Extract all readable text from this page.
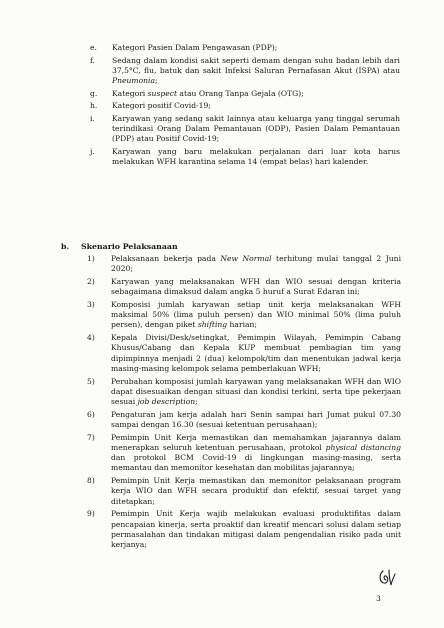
e. Kategori Pasien Dalam Pengawasan (PDP);
f. Sedang dalam kondisi sakit seperti demam dengan suhu badan lebih dari 37,5°C, flu, batuk dan sakit Infeksi Saluran Pernafasan Akut (ISPA) atau Pneumonia;
g. Kategori suspect atau Orang Tanpa Gejala (OTG);
h. Kategori positif Covid-19;
i. Karyawan yang sedang sakit lainnya atau keluarga yang tinggal serumah terindikasi Orang Dalam Pemantauan (ODP), Pasien Dalam Pemantauan (PDP) atau Positif Covid-19;
j. Karyawan yang baru melakukan perjalanan dari luar kota harus melakukan WFH karantina selama 14 (empat belas) hari kalender.
b. Skenario Pelaksanaan
1) Pelaksanaan bekerja pada New Normal terhitung mulai tanggal 2 Juni 2020;
2) Karyawan yang melaksanakan WFH dan WIO sesuai dengan kriteria sebagaimana dimaksud dalam angka 5 huruf a Surat Edaran ini;
3) Komposisi jumlah karyawan setiap unit kerja melaksanakan WFH maksimal 50% (lima puluh persen) dan WIO minimal 50% (lima puluh persen), dengan piket shifting harian;
4) Kepala Divisi/Desk/setingkat, Pemimpin Wilayah, Pemimpin Cabang Khusus/Cabang dan Kepala KUP membuat pembagian tim yang dipimpinnya menjadi 2 (dua) kelompok/tim dan menentukan jadwal kerja masing-masing kelompok selama pemberlakuan WFH;
5) Perubahan komposisi jumlah karyawan yang melaksanakan WFH dan WIO dapat disesuaikan dengan situasi dan kondisi terkini, serta tipe pekerjaan sesuai job description;
6) Pengaturan jam kerja adalah hari Senin sampai hari Jumat pukul 07.30 sampai dengan 16.30 (sesuai ketentuan perusahaan);
7) Pemimpin Unit Kerja memastikan dan memahamkan jajarannya dalam menerapkan seluruh ketentuan perusahaan, protokol physical distancing dan protokol BCM Covid-19 di lingkungan masing-masing, serta memantau dan memonitor kesehatan dan mobilitas jajarannya;
8) Pemimpin Unit Kerja memastikan dan memonitor pelaksanaan program kerja WIO dan WFH secara produktif dan efektif, sesuai target yang ditetapkan;
9) Pemimpin Unit Kerja wajib melakukan evaluasi produktifitas dalam pencapaian kinerja, serta proaktif dan kreatif mencari solusi dalam setiap permasalahan dan tindakan mitigasi dalam pengendalian risiko pada unit kerjanya;
3
